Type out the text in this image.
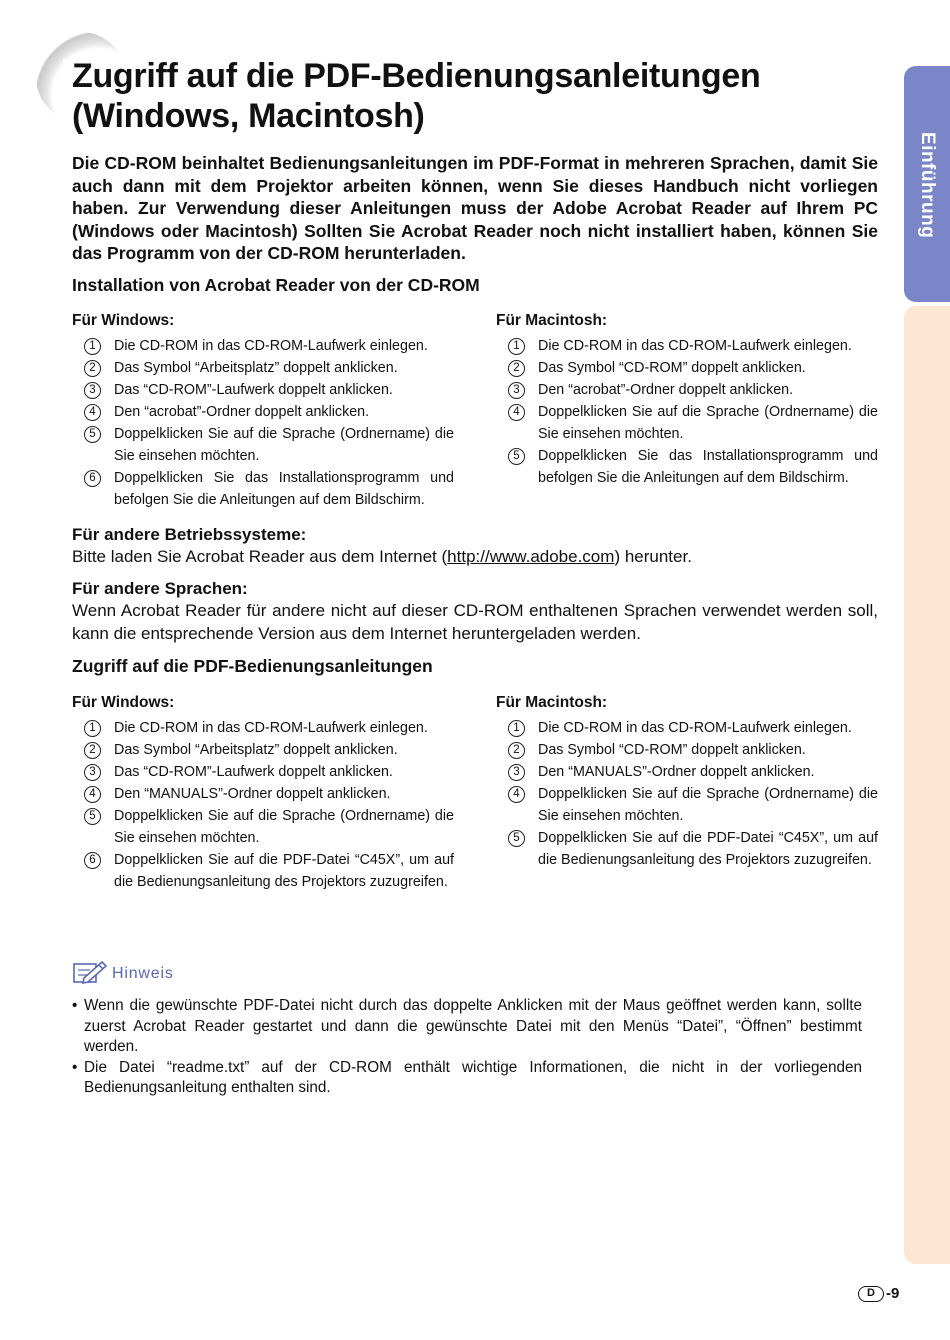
Einführung
Zugriff auf die PDF-Bedienungsanleitungen (Windows, Macintosh)

Die CD-ROM beinhaltet Bedienungsanleitungen im PDF-Format in mehreren Sprachen, damit Sie auch dann mit dem Projektor arbeiten können, wenn Sie dieses Handbuch nicht vorliegen haben. Zur Verwendung dieser Anleitungen muss der Adobe Acrobat Reader auf Ihrem PC (Windows oder Macintosh) Sollten Sie Acrobat Reader noch nicht installiert haben, können Sie das Programm von der CD-ROM herunterladen.

Installation von Acrobat Reader von der CD-ROM
Für Windows:
1	Die CD-ROM in das CD-ROM-Laufwerk einlegen.
2	Das Symbol “Arbeitsplatz” doppelt anklicken.
3	Das “CD-ROM”-Laufwerk doppelt anklicken.
4	Den “acrobat”-Ordner doppelt anklicken.
5	Doppelklicken Sie auf die Sprache (Ordnername) die Sie einsehen möchten.
6	Doppelklicken Sie das Installationsprogramm und befolgen Sie die Anleitungen auf dem Bildschirm.
Für Macintosh:
1	Die CD-ROM in das CD-ROM-Laufwerk einlegen.
2	Das Symbol “CD-ROM” doppelt anklicken.
3	Den “acrobat”-Ordner doppelt anklicken.
4	Doppelklicken Sie auf die Sprache (Ordnername) die Sie einsehen möchten.
5	Doppelklicken Sie das Installationsprogramm und befolgen Sie die Anleitungen auf dem Bildschirm.

Für andere Betriebssysteme:

Bitte laden Sie Acrobat Reader aus dem Internet (http://www.adobe.com) herunter.

Für andere Sprachen:

Wenn Acrobat Reader für andere nicht auf dieser CD-ROM enthaltenen Sprachen verwendet werden soll, kann die entsprechende Version aus dem Internet heruntergeladen werden.

Zugriff auf die PDF-Bedienungsanleitungen
Für Windows:
1	Die CD-ROM in das CD-ROM-Laufwerk einlegen.
2	Das Symbol “Arbeitsplatz” doppelt anklicken.
3	Das “CD-ROM”-Laufwerk doppelt anklicken.
4	Den “MANUALS”-Ordner doppelt anklicken.
5	Doppelklicken Sie auf die Sprache (Ordnername) die Sie einsehen möchten.
6	Doppelklicken Sie auf die PDF-Datei “C45X”, um auf die Bedienungsanleitung des Projektors zuzugreifen.
Für Macintosh:
1	Die CD-ROM in das CD-ROM-Laufwerk einlegen.
2	Das Symbol “CD-ROM” doppelt anklicken.
3	Den “MANUALS”-Ordner doppelt anklicken.
4	Doppelklicken Sie auf die Sprache (Ordnername) die Sie einsehen möchten.
5	Doppelklicken Sie auf die PDF-Datei “C45X”, um auf die Bedienungsanleitung des Projektors zuzugreifen.
Hinweis
• Wenn die gewünschte PDF-Datei nicht durch das doppelte Anklicken mit der Maus geöffnet werden kann, sollte zuerst Acrobat Reader gestartet und dann die gewünschte Datei mit den Menüs “Datei”, “Öffnen” bestimmt werden.
• Die Datei “readme.txt” auf der CD-ROM enthält wichtige Informationen, die nicht in der vorliegenden Bedienungsanleitung enthalten sind.
D -9
